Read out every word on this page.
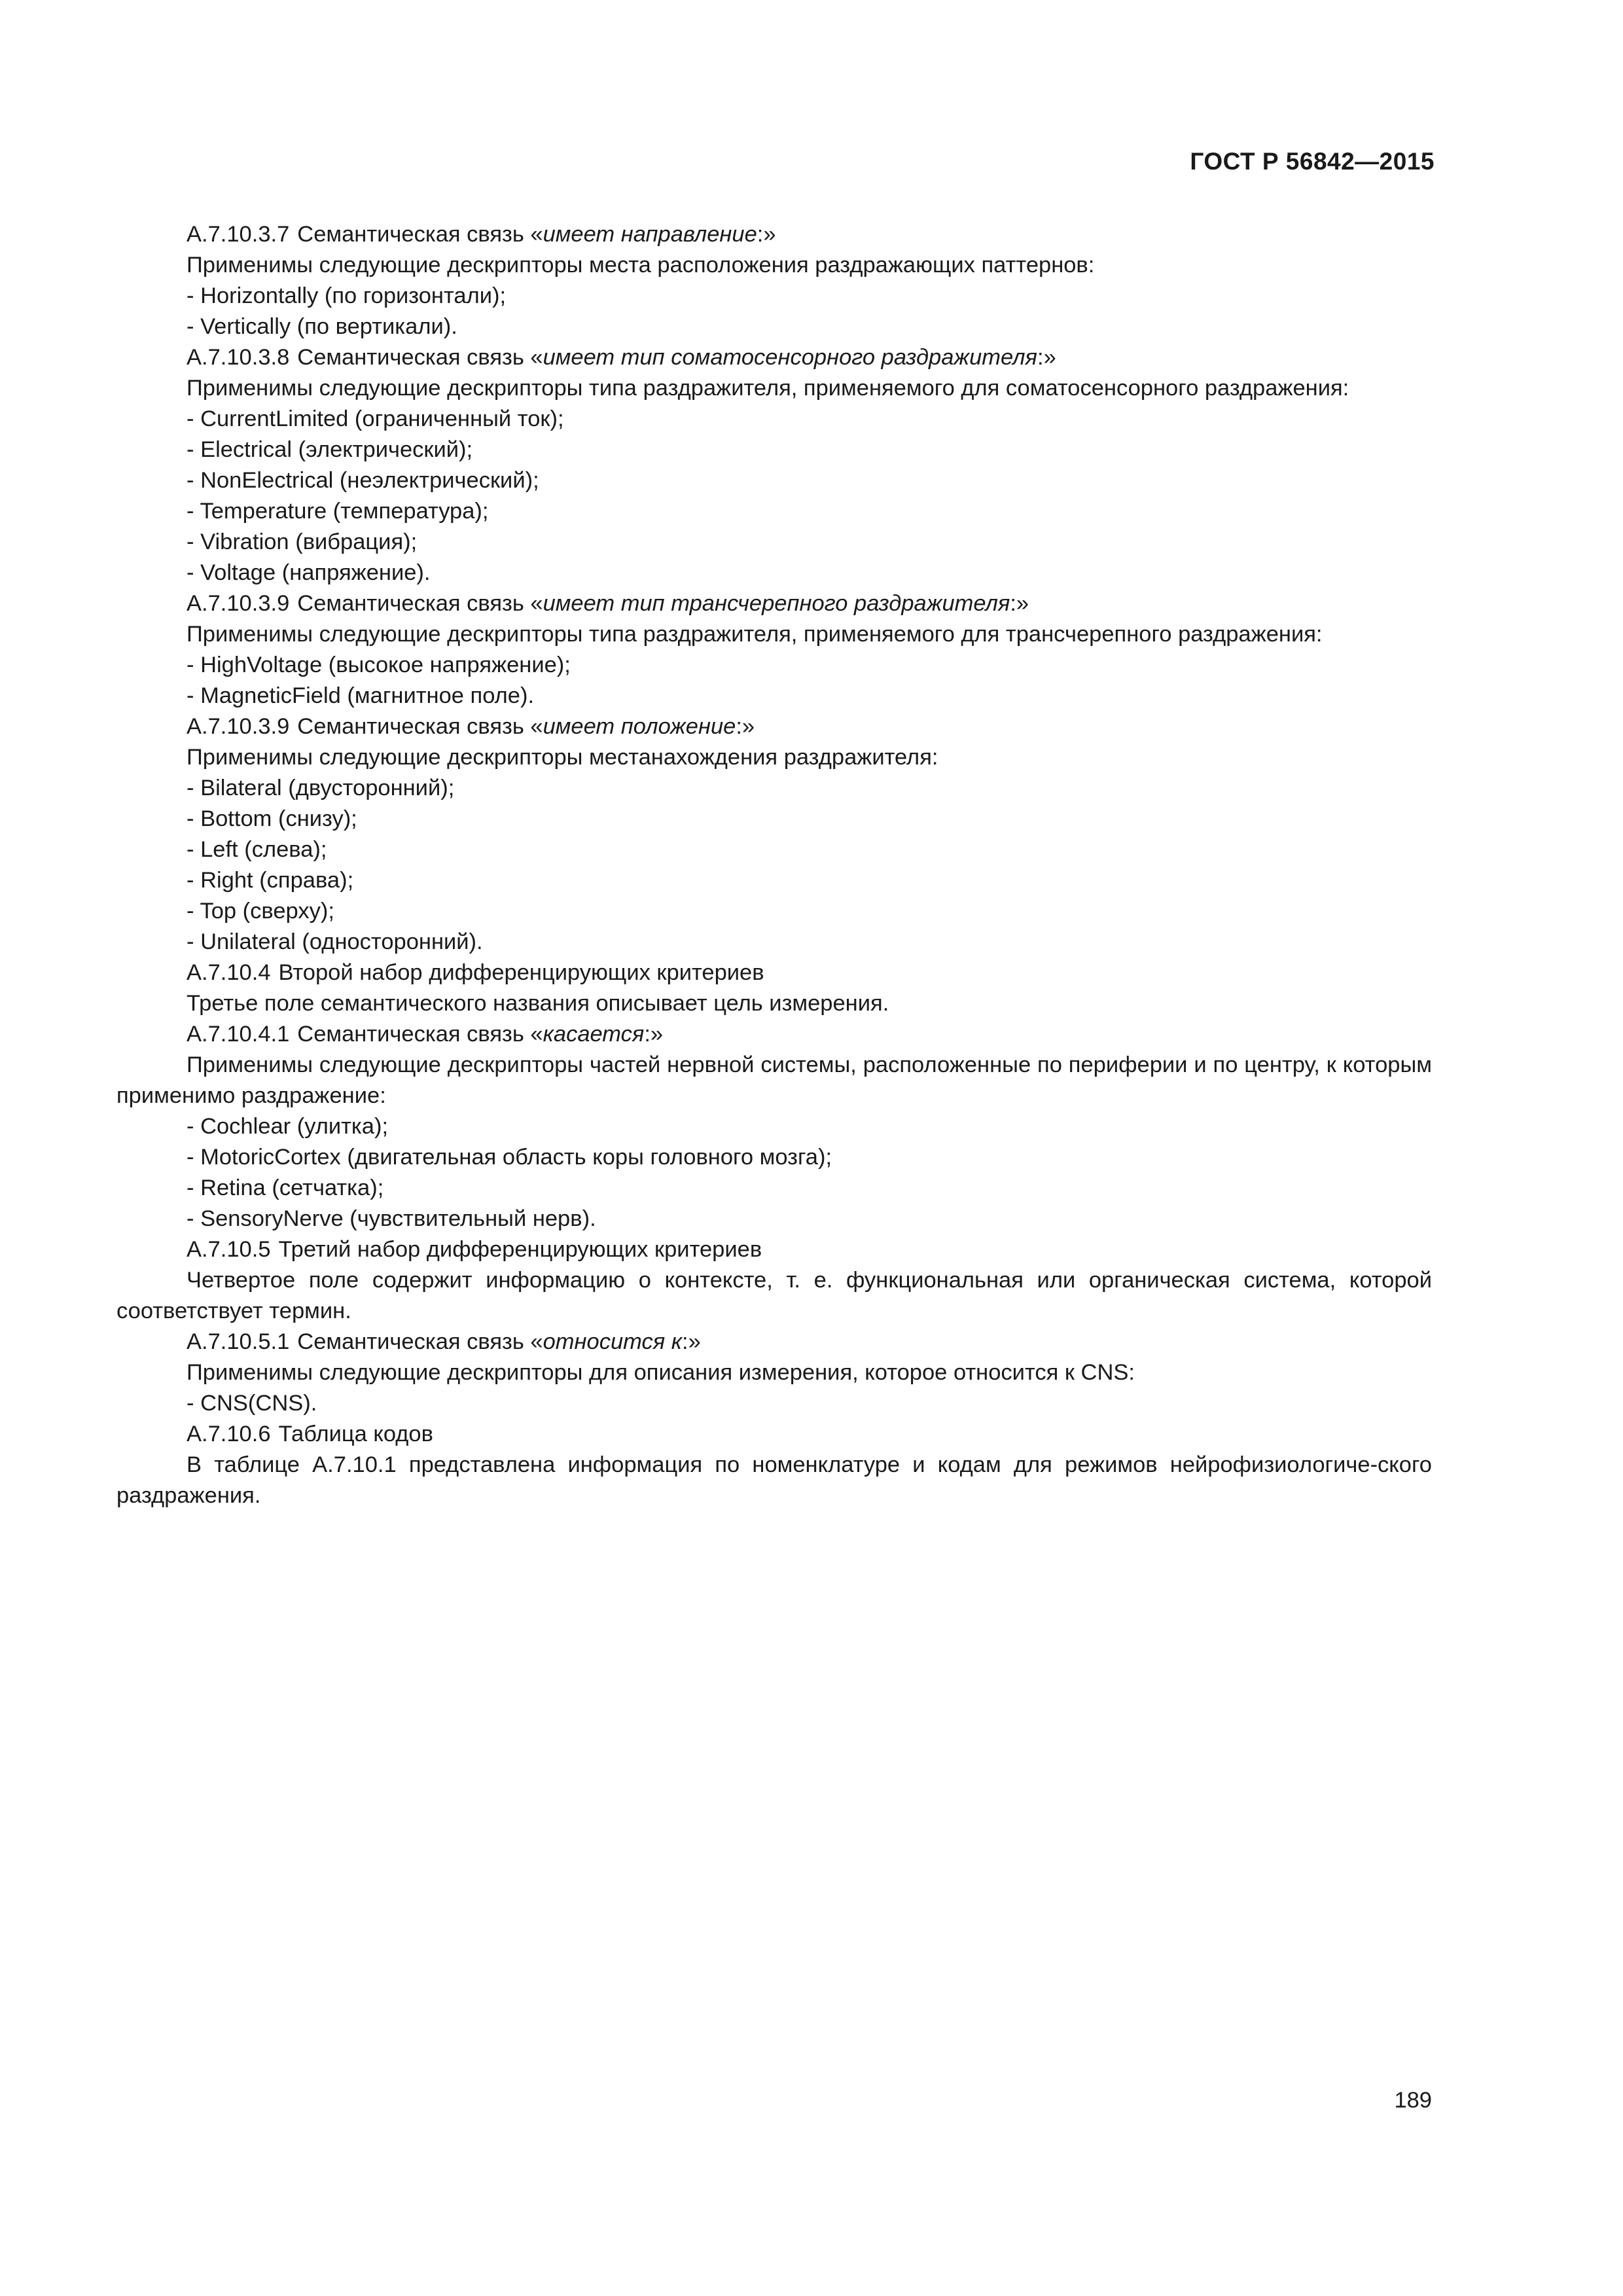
ГОСТ Р 56842—2015

А.7.10.3.7 Семантическая связь «имеет направление:»

Применимы следующие дескрипторы места расположения раздражающих паттернов:

- Horizontally (по горизонтали);

- Vertically (по вертикали).

А.7.10.3.8 Семантическая связь «имеет тип соматосенсорного раздражителя:»

Применимы следующие дескрипторы типа раздражителя, применяемого для соматосенсорного раздражения:

- CurrentLimited (ограниченный ток);

- Electrical (электрический);

- NonElectrical (неэлектрический);

- Temperature (температура);

- Vibration (вибрация);

- Voltage (напряжение).

А.7.10.3.9 Семантическая связь «имеет тип трансчерепного раздражителя:»

Применимы следующие дескрипторы типа раздражителя, применяемого для трансчерепного раздражения:

- HighVoltage (высокое напряжение);

- MagneticField (магнитное поле).

А.7.10.3.9 Семантическая связь «имеет положение:»

Применимы следующие дескрипторы местанахождения раздражителя:

- Bilateral (двусторонний);

- Bottom (снизу);

- Left (слева);

- Right (справа);

- Top (сверху);

- Unilateral (односторонний).

А.7.10.4 Второй набор дифференцирующих критериев

Третье поле семантического названия описывает цель измерения.

А.7.10.4.1 Семантическая связь «касается:»

Применимы следующие дескрипторы частей нервной системы, расположенные по периферии и по центру, к которым применимо раздражение:

- Cochlear (улитка);

- MotoricCortex (двигательная область коры головного мозга);

- Retina (сетчатка);

- SensoryNerve (чувствительный нерв).

А.7.10.5 Третий набор дифференцирующих критериев

Четвертое поле содержит информацию о контексте, т. е. функциональная или органическая система, которой соответствует термин.

А.7.10.5.1 Семантическая связь «относится к:»

Применимы следующие дескрипторы для описания измерения, которое относится к CNS:

- CNS(CNS).

А.7.10.6 Таблица кодов

В таблице А.7.10.1 представлена информация по номенклатуре и кодам для режимов нейрофизиологиче-ского раздражения.

189
